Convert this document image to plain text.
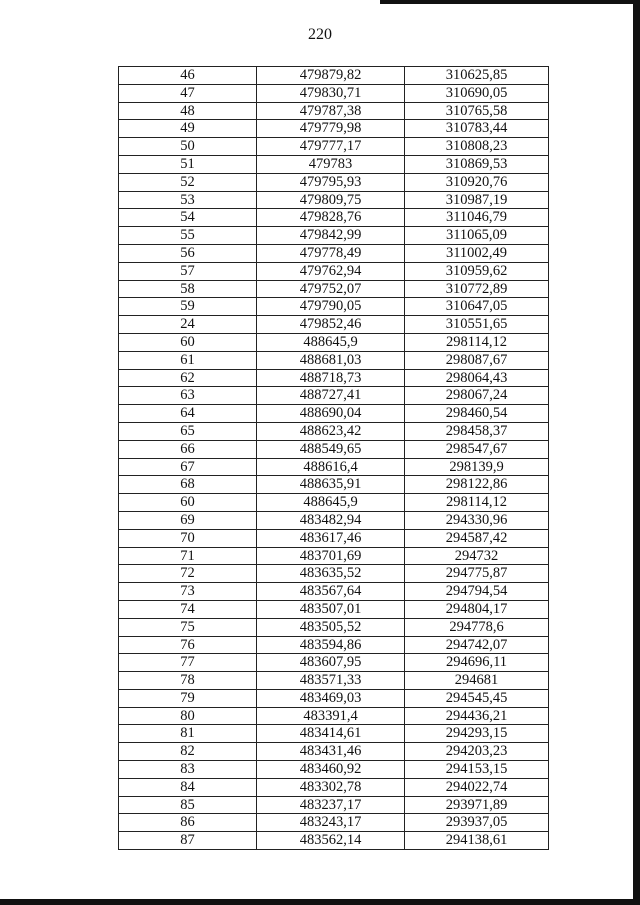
220
46	479879,82	310625,85
47	479830,71	310690,05
48	479787,38	310765,58
49	479779,98	310783,44
50	479777,17	310808,23
51	479783	310869,53
52	479795,93	310920,76
53	479809,75	310987,19
54	479828,76	311046,79
55	479842,99	311065,09
56	479778,49	311002,49
57	479762,94	310959,62
58	479752,07	310772,89
59	479790,05	310647,05
24	479852,46	310551,65
60	488645,9	298114,12
61	488681,03	298087,67
62	488718,73	298064,43
63	488727,41	298067,24
64	488690,04	298460,54
65	488623,42	298458,37
66	488549,65	298547,67
67	488616,4	298139,9
68	488635,91	298122,86
60	488645,9	298114,12
69	483482,94	294330,96
70	483617,46	294587,42
71	483701,69	294732
72	483635,52	294775,87
73	483567,64	294794,54
74	483507,01	294804,17
75	483505,52	294778,6
76	483594,86	294742,07
77	483607,95	294696,11
78	483571,33	294681
79	483469,03	294545,45
80	483391,4	294436,21
81	483414,61	294293,15
82	483431,46	294203,23
83	483460,92	294153,15
84	483302,78	294022,74
85	483237,17	293971,89
86	483243,17	293937,05
87	483562,14	294138,61
